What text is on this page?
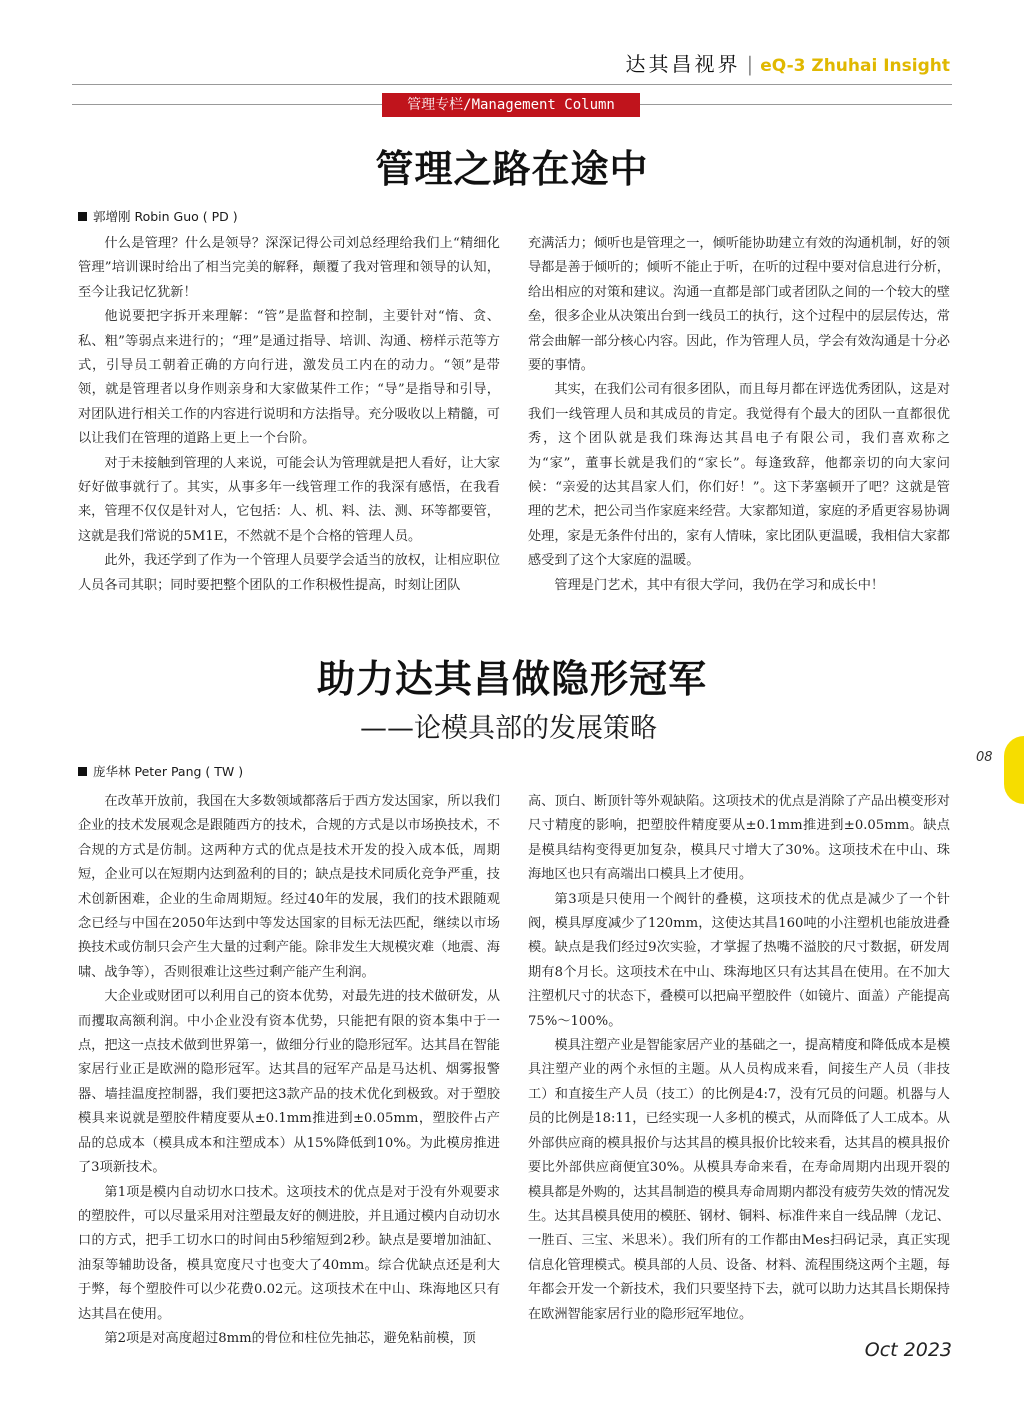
达其昌视界 | eQ-3 Zhuhai Insight
管理专栏/Management Column
管理之路在途中
郭增刚 Robin Guo ( PD )

什么是管理？什么是领导？深深记得公司刘总经理给我们上“精细化管理”培训课时给出了相当完美的解释，颠覆了我对管理和领导的认知，至今让我记忆犹新！

他说要把字拆开来理解：“管”是监督和控制，主要针对“惰、贪、私、粗”等弱点来进行的；“理”是通过指导、培训、沟通、榜样示范等方式，引导员工朝着正确的方向行进，激发员工内在的动力。“领”是带领，就是管理者以身作则亲身和大家做某件工作；“导”是指导和引导，对团队进行相关工作的内容进行说明和方法指导。充分吸收以上精髓，可以让我们在管理的道路上更上一个台阶。

对于未接触到管理的人来说，可能会认为管理就是把人看好，让大家好好做事就行了。其实，从事多年一线管理工作的我深有感悟，在我看来，管理不仅仅是针对人，它包括：人、机、料、法、测、环等都要管，这就是我们常说的5M1E，不然就不是个合格的管理人员。

此外，我还学到了作为一个管理人员要学会适当的放权，让相应职位人员各司其职；同时要把整个团队的工作积极性提高，时刻让团队

充满活力；倾听也是管理之一，倾听能协助建立有效的沟通机制，好的领导都是善于倾听的；倾听不能止于听，在听的过程中要对信息进行分析，给出相应的对策和建议。沟通一直都是部门或者团队之间的一个较大的壁垒，很多企业从决策出台到一线员工的执行，这个过程中的层层传达，常常会曲解一部分核心内容。因此，作为管理人员，学会有效沟通是十分必要的事情。

其实，在我们公司有很多团队，而且每月都在评选优秀团队，这是对我们一线管理人员和其成员的肯定。我觉得有个最大的团队一直都很优秀，这个团队就是我们珠海达其昌电子有限公司，我们喜欢称之为“家”，董事长就是我们的“家长”。每逢致辞，他都亲切的向大家问候：“亲爱的达其昌家人们，你们好！”。这下茅塞顿开了吧？这就是管理的艺术，把公司当作家庭来经营。大家都知道，家庭的矛盾更容易协调处理，家是无条件付出的，家有人情味，家比团队更温暖，我相信大家都感受到了这个大家庭的温暖。

管理是门艺术，其中有很大学问，我仍在学习和成长中！

助力达其昌做隐形冠军
——论模具部的发展策略
庞华林 Peter Pang ( TW )

在改革开放前，我国在大多数领域都落后于西方发达国家，所以我们企业的技术发展观念是跟随西方的技术，合规的方式是以市场换技术，不合规的方式是仿制。这两种方式的优点是技术开发的投入成本低，周期短，企业可以在短期内达到盈利的目的；缺点是技术同质化竞争严重，技术创新困难，企业的生命周期短。经过40年的发展，我们的技术跟随观念已经与中国在2050年达到中等发达国家的目标无法匹配，继续以市场换技术或仿制只会产生大量的过剩产能。除非发生大规模灾难（地震、海啸、战争等），否则很难让这些过剩产能产生利润。

大企业或财团可以利用自己的资本优势，对最先进的技术做研发，从而攫取高额利润。中小企业没有资本优势，只能把有限的资本集中于一点，把这一点技术做到世界第一，做细分行业的隐形冠军。达其昌在智能家居行业正是欧洲的隐形冠军。达其昌的冠军产品是马达机、烟雾报警器、墙挂温度控制器，我们要把这3款产品的技术优化到极致。对于塑胶模具来说就是塑胶件精度要从±0.1mm推进到±0.05mm，塑胶件占产品的总成本（模具成本和注塑成本）从15%降低到10%。为此模房推进了3项新技术。

第1项是模内自动切水口技术。这项技术的优点是对于没有外观要求的塑胶件，可以尽量采用对注塑最友好的侧进胶，并且通过模内自动切水口的方式，把手工切水口的时间由5秒缩短到2秒。缺点是要增加油缸、油泵等辅助设备，模具宽度尺寸也变大了40mm。综合优缺点还是利大于弊，每个塑胶件可以少花费0.02元。这项技术在中山、珠海地区只有达其昌在使用。

第2项是对高度超过8mm的骨位和柱位先抽芯，避免粘前模，顶

高、顶白、断顶针等外观缺陷。这项技术的优点是消除了产品出模变形对尺寸精度的影响，把塑胶件精度要从±0.1mm推进到±0.05mm。缺点是模具结构变得更加复杂，模具尺寸增大了30%。这项技术在中山、珠海地区也只有高端出口模具上才使用。

第3项是只使用一个阀针的叠模，这项技术的优点是减少了一个针阀，模具厚度减少了120mm，这使达其昌160吨的小注塑机也能放进叠模。缺点是我们经过9次实验，才掌握了热嘴不溢胶的尺寸数据，研发周期有8个月长。这项技术在中山、珠海地区只有达其昌在使用。在不加大注塑机尺寸的状态下，叠模可以把扁平塑胶件（如镜片、面盖）产能提高75%～100%。

模具注塑产业是智能家居产业的基础之一，提高精度和降低成本是模具注塑产业的两个永恒的主题。从人员构成来看，间接生产人员（非技工）和直接生产人员（技工）的比例是4:7，没有冗员的问题。机器与人员的比例是18:11，已经实现一人多机的模式，从而降低了人工成本。从外部供应商的模具报价与达其昌的模具报价比较来看，达其昌的模具报价要比外部供应商便宜30%。从模具寿命来看，在寿命周期内出现开裂的模具都是外购的，达其昌制造的模具寿命周期内都没有疲劳失效的情况发生。达其昌模具使用的模胚、钢材、铜料、标准件来自一线品牌（龙记、一胜百、三宝、米思米）。我们所有的工作都由Mes扫码记录，真正实现信息化管理模式。模具部的人员、设备、材料、流程围绕这两个主题，每年都会开发一个新技术，我们只要坚持下去，就可以助力达其昌长期保持在欧洲智能家居行业的隐形冠军地位。

08
Oct 2023
